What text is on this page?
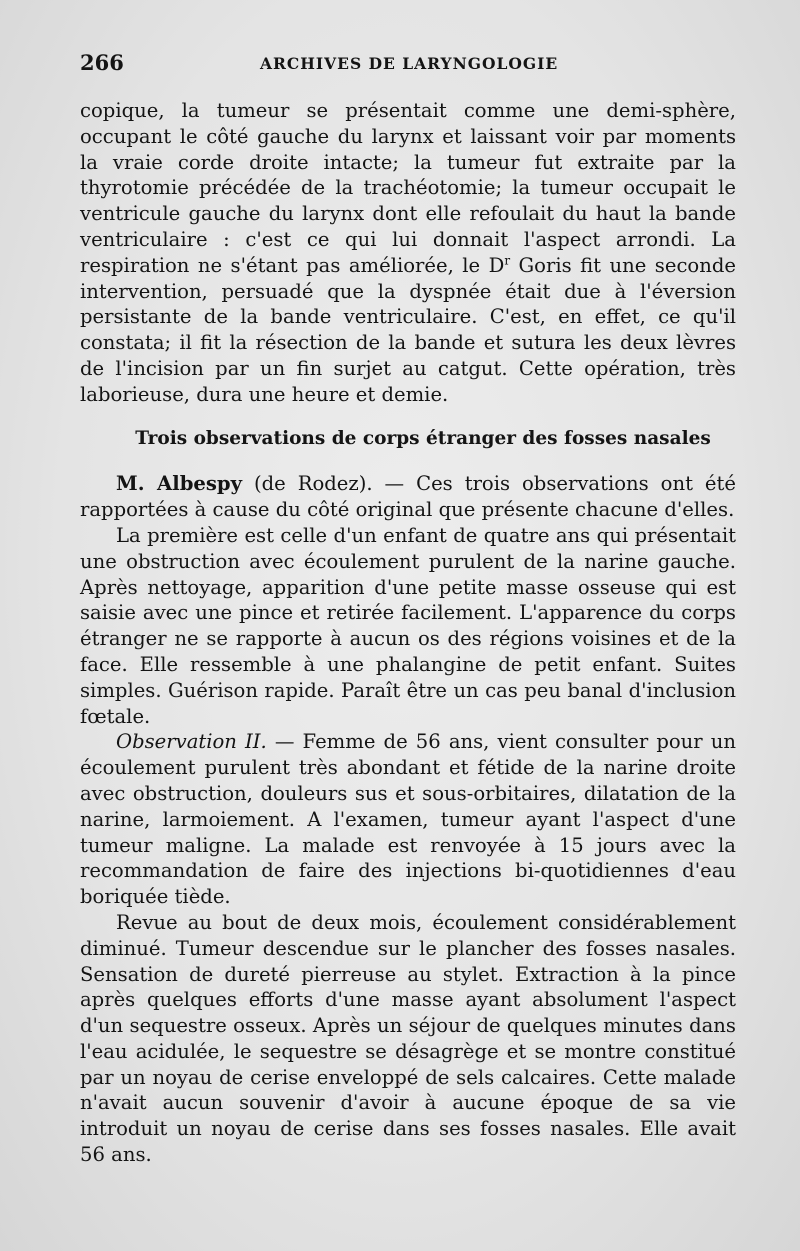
266	ARCHIVES DE LARYNGOLOGIE

copique, la tumeur se présentait comme une demi-sphère, occupant le côté gauche du larynx et laissant voir par moments la vraie corde droite intacte; la tumeur fut extraite par la thyrotomie précédée de la trachéotomie; la tumeur occupait le ventricule gauche du larynx dont elle refoulait du haut la bande ventriculaire : c'est ce qui lui donnait l'aspect arrondi. La respiration ne s'étant pas améliorée, le $D^r$ Goris fit une seconde intervention, persuadé que la dyspnée était due à l'éversion persistante de la bande ventriculaire. C'est, en effet, ce qu'il constata; il fit la résection de la bande et sutura les deux lèvres de l'incision par un fin surjet au catgut. Cette opération, très laborieuse, dura une heure et demie.

Trois observations de corps étranger des fosses nasales

M. Albespy (de Rodez). — Ces trois observations ont été rapportées à cause du côté original que présente chacune d'elles.

La première est celle d'un enfant de quatre ans qui présentait une obstruction avec écoulement purulent de la narine gauche. Après nettoyage, apparition d'une petite masse osseuse qui est saisie avec une pince et retirée facilement. L'apparence du corps étranger ne se rapporte à aucun os des régions voisines et de la face. Elle ressemble à une phalangine de petit enfant. Suites simples. Guérison rapide. Paraît être un cas peu banal d'inclusion fœtale.

Observation II. — Femme de 56 ans, vient consulter pour un écoulement purulent très abondant et fétide de la narine droite avec obstruction, douleurs sus et sous-orbitaires, dilatation de la narine, larmoiement. A l'examen, tumeur ayant l'aspect d'une tumeur maligne. La malade est renvoyée à 15 jours avec la recommandation de faire des injections bi-quotidiennes d'eau boriquée tiède.

Revue au bout de deux mois, écoulement considérablement diminué. Tumeur descendue sur le plancher des fosses nasales. Sensation de dureté pierreuse au stylet. Extraction à la pince après quelques efforts d'une masse ayant absolument l'aspect d'un sequestre osseux. Après un séjour de quelques minutes dans l'eau acidulée, le sequestre se désagrège et se montre constitué par un noyau de cerise enveloppé de sels calcaires. Cette malade n'avait aucun souvenir d'avoir à aucune époque de sa vie introduit un noyau de cerise dans ses fosses nasales. Elle avait 56 ans.
